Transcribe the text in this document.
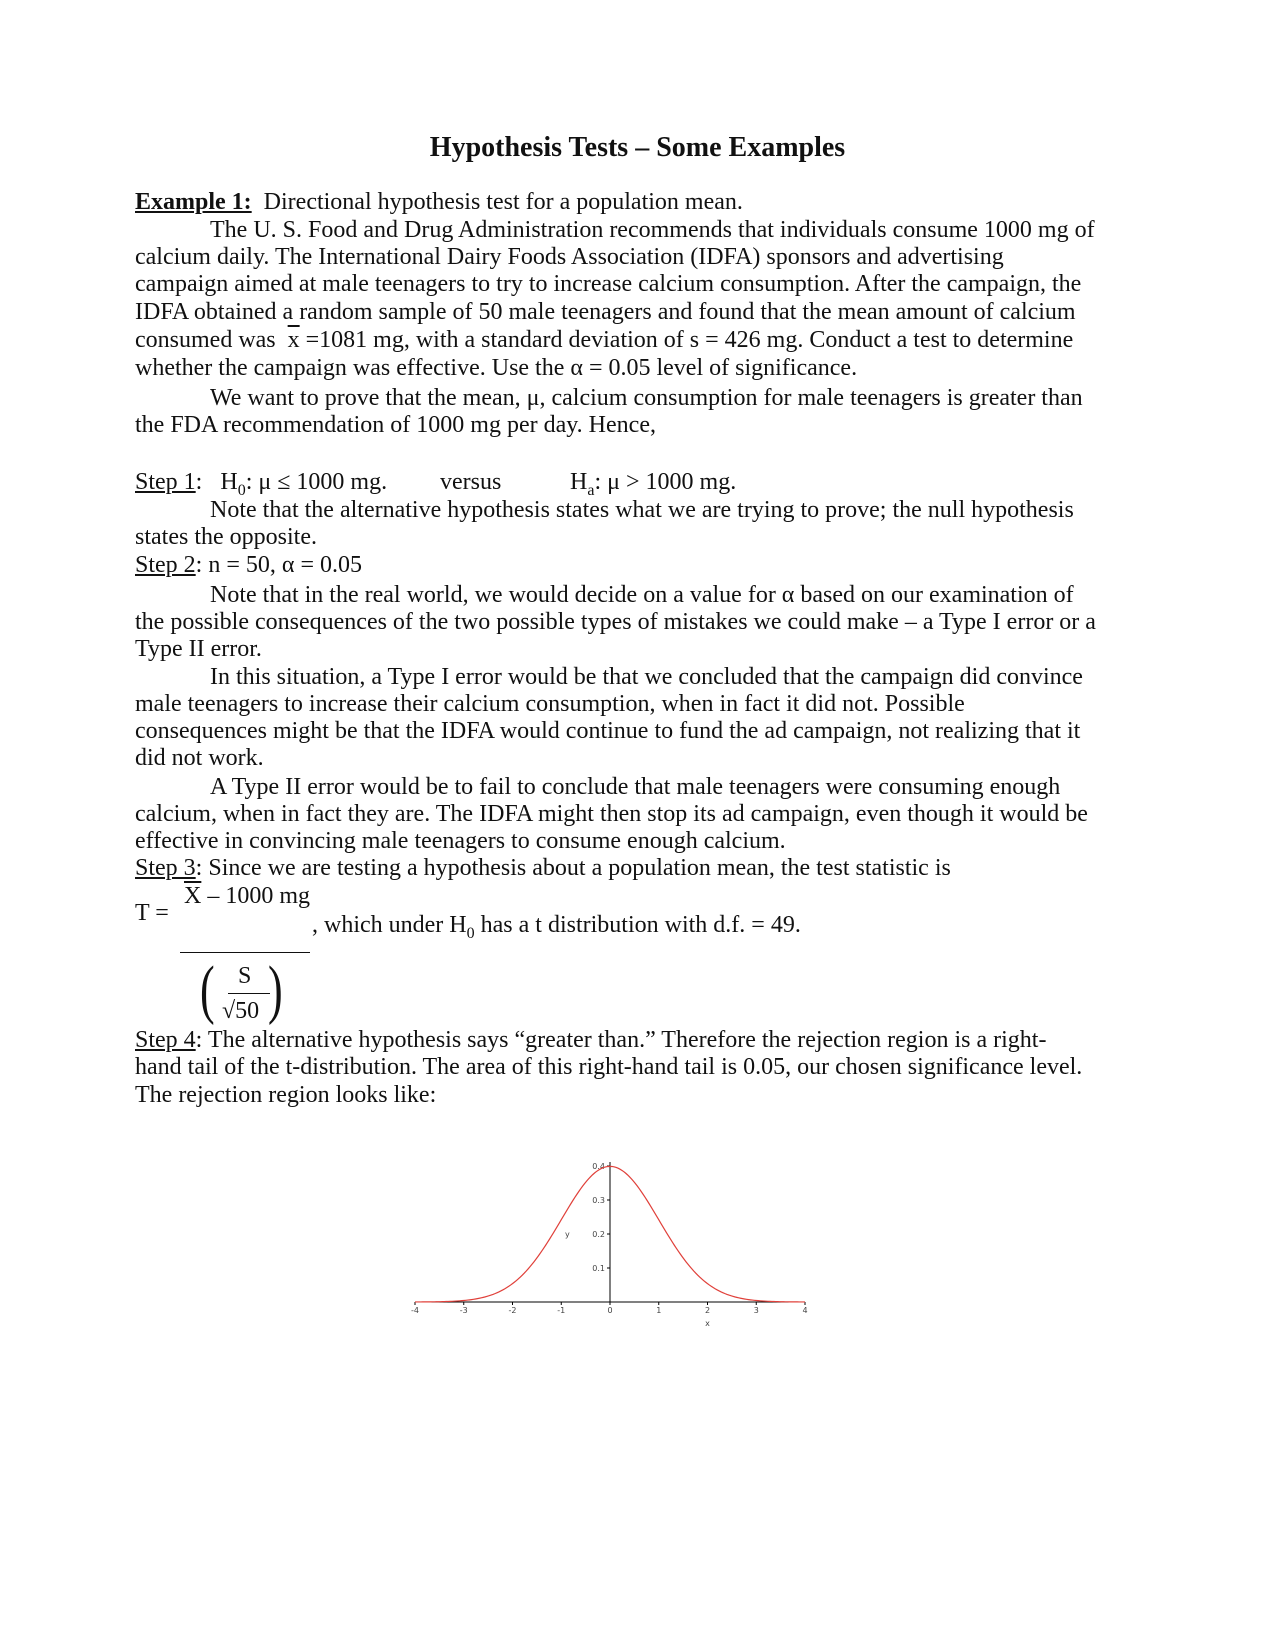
Hypothesis Tests – Some Examples
Example 1: Directional hypothesis test for a population mean.
The U. S. Food and Drug Administration recommends that individuals consume 1000 mg of
calcium daily. The International Dairy Foods Association (IDFA) sponsors and advertising
campaign aimed at male teenagers to try to increase calcium consumption. After the campaign, the
IDFA obtained a random sample of 50 male teenagers and found that the mean amount of calcium
consumed was $\overline{x} =1081$ mg, with a standard deviation of s = 426 mg. Conduct a test to determine
whether the campaign was effective. Use the α = 0.05 level of significance.
We want to prove that the mean, μ, calcium consumption for male teenagers is greater than
the FDA recommendation of 1000 mg per day. Hence,
Step 1:   $H_0$: μ ≤ 1000 mg. versus	$H_a$: μ > 1000 mg.
Note that the alternative hypothesis states what we are trying to prove; the null hypothesis
states the opposite.
Step 2: n = 50, α = 0.05
Note that in the real world, we would decide on a value for α based on our examination of
the possible consequences of the two possible types of mistakes we could make – a Type I error or a
Type II error.
In this situation, a Type I error would be that we concluded that the campaign did convince
male teenagers to increase their calcium consumption, when in fact it did not. Possible
consequences might be that the IDFA would continue to fund the ad campaign, not realizing that it
did not work.
A Type II error would be to fail to conclude that male teenagers were consuming enough
calcium, when in fact they are. The IDFA might then stop its ad campaign, even though it would be
effective in convincing male teenagers to consume enough calcium.
Step 3: Since we are testing a hypothesis about a population mean, the test statistic is
T =
$\overline{X} - 1000$ mg
( S
√50 )
, which under $H_0$ has a t distribution with d.f. = 49.
Step 4: The alternative hypothesis says “greater than.” Therefore the rejection region is a right-
hand tail of the t-distribution. The area of this right-hand tail is 0.05, our chosen significance level.
The rejection region looks like:
-4	-3	-2	-1	0	1	2	3	4
0.1
0.2
0.3
0.4
y
x
